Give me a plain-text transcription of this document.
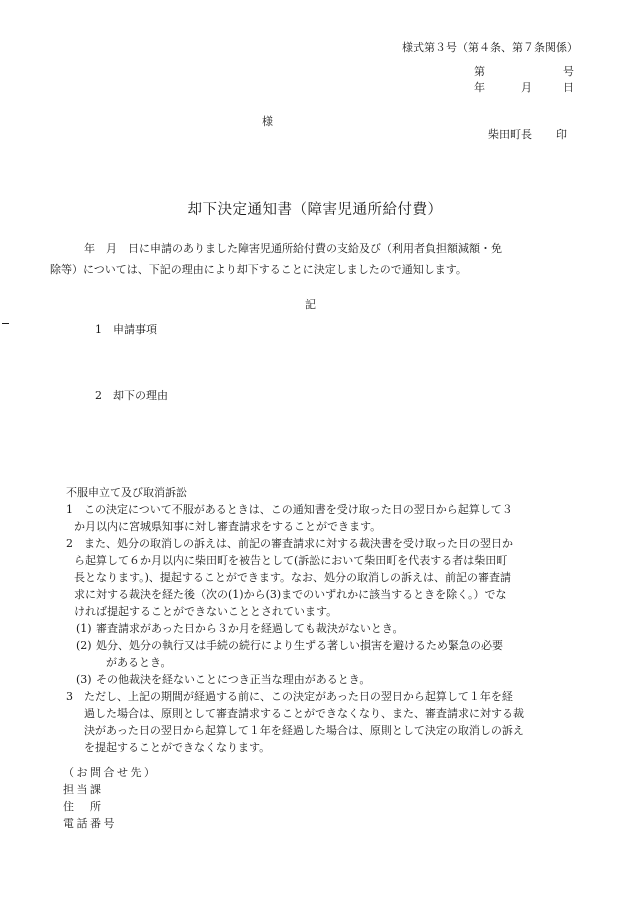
様式第３号（第４条、第７条関係）
第	号
年	月	日
様
柴田町長 印
却下決定通知書（障害児通所給付費）
年　月　日に申請のありました障害児通所給付費の支給及び（利用者負担額減額・免
除等）については、下記の理由により却下することに決定しましたので通知します。
記
1 申請事項
2 却下の理由
不服申立て及び取消訴訟
1	この決定について不服があるときは、この通知書を受け取った日の翌日から起算して３
か月以内に宮城県知事に対し審査請求をすることができます。
2	また、処分の取消しの訴えは、前記の審査請求に対する裁決書を受け取った日の翌日か
ら起算して６か月以内に柴田町を被告として(訴訟において柴田町を代表する者は柴田町
長となります。)、提起することができます。なお、処分の取消しの訴えは、前記の審査請
求に対する裁決を経た後（次の(1)から(3)までのいずれかに該当するときを除く。）でな
ければ提起することができないこととされています。
(1) 審査請求があった日から３か月を経過しても裁決がないとき。
(2) 処分、処分の執行又は手続の続行により生ずる著しい損害を避けるため緊急の必要
があるとき。
(3) その他裁決を経ないことにつき正当な理由があるとき。
3	ただし、上記の期間が経過する前に、この決定があった日の翌日から起算して１年を経
過した場合は、原則として審査請求することができなくなり、また、審査請求に対する裁
決があった日の翌日から起算して１年を経過した場合は、原則として決定の取消しの訴え
を提起することができなくなります。
（お問合せ先）
担当課
住　所
電話番号
